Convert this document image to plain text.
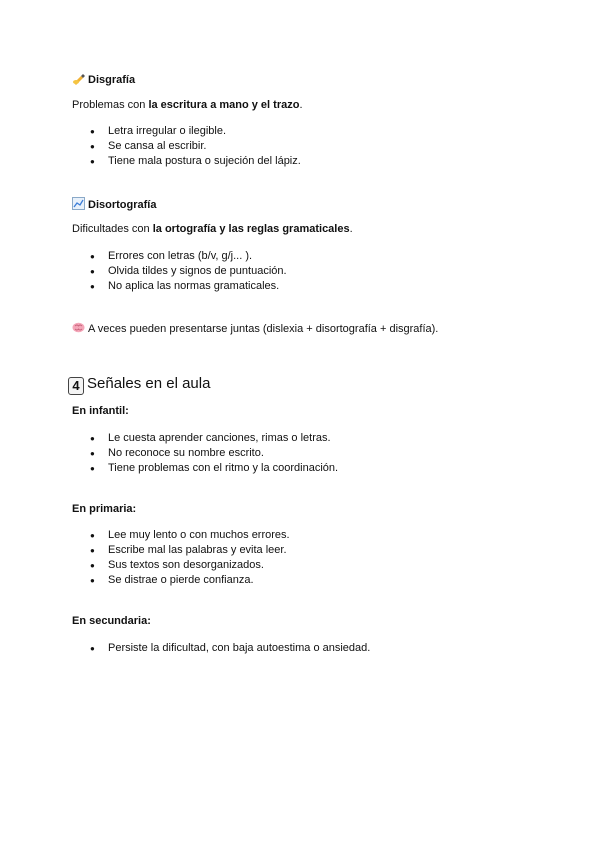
Disgrafía
Problemas con la escritura a mano y el trazo.
● Letra irregular o ilegible.
● Se cansa al escribir.
● Tiene mala postura o sujeción del lápiz.
Disortografía
Dificultades con la ortografía y las reglas gramaticales.
● Errores con letras (b/v, g/j... ).
● Olvida tildes y signos de puntuación.
● No aplica las normas gramaticales.
A veces pueden presentarse juntas (dislexia + disortografía + disgrafía).
4 Señales en el aula
En infantil:
● Le cuesta aprender canciones, rimas o letras.
● No reconoce su nombre escrito.
● Tiene problemas con el ritmo y la coordinación.
En primaria:
● Lee muy lento o con muchos errores.
● Escribe mal las palabras y evita leer.
● Sus textos son desorganizados.
● Se distrae o pierde confianza.
En secundaria:
● Persiste la dificultad, con baja autoestima o ansiedad.
